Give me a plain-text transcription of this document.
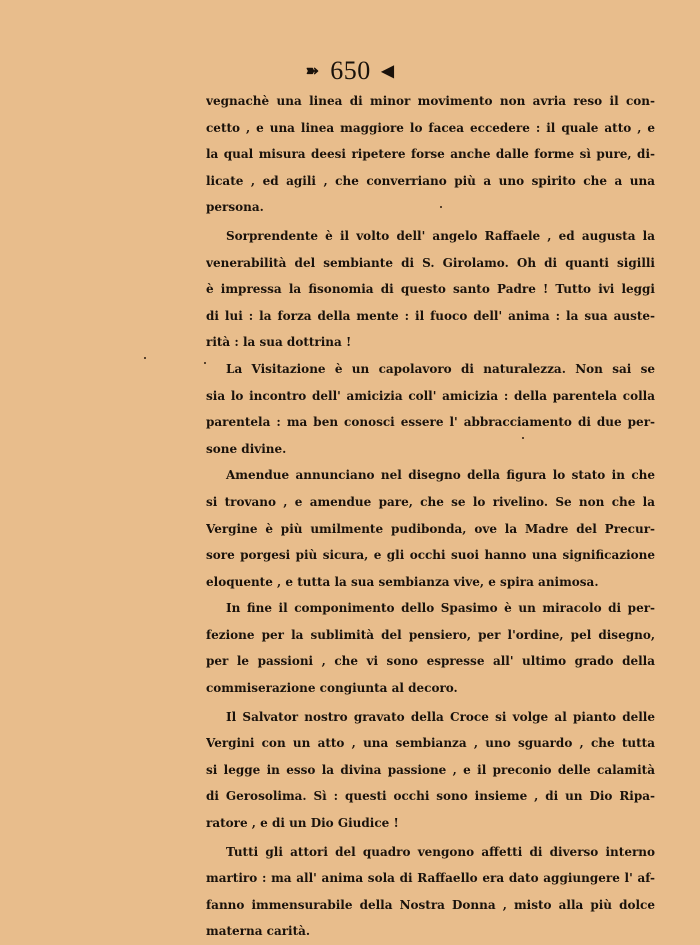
➽ 650 ◀
vegnachè una linea di minor movimento non avria reso il con-
cetto , e una linea maggiore lo facea eccedere : il quale atto , e
la qual misura deesi ripetere forse anche dalle forme sì pure, di-
licate , ed agili , che converriano più a uno spirito che a una
persona.
Sorprendente è il volto dell' angelo Raffaele , ed augusta la
venerabilità del sembiante di S. Girolamo. Oh di quanti sigilli
è impressa la fisonomia di questo santo Padre ! Tutto ivi leggi
di lui : la forza della mente : il fuoco dell' anima : la sua auste-
rità : la sua dottrina !
La Visitazione è un capolavoro di naturalezza. Non sai se
sia lo incontro dell' amicizia coll' amicizia : della parentela colla
parentela : ma ben conosci essere l' abbracciamento di due per-
sone divine.
Amendue annunciano nel disegno della figura lo stato in che
si trovano , e amendue pare, che se lo rivelino. Se non che la
Vergine è più umilmente pudibonda, ove la Madre del Precur-
sore porgesi più sicura, e gli occhi suoi hanno una significazione
eloquente , e tutta la sua sembianza vive, e spira animosa.
In fine il componimento dello Spasimo è un miracolo di per-
fezione per la sublimità del pensiero, per l'ordine, pel disegno,
per le passioni , che vi sono espresse all' ultimo grado della
commiserazione congiunta al decoro.
Il Salvator nostro gravato della Croce si volge al pianto delle
Vergini con un atto , una sembianza , uno sguardo , che tutta
si legge in esso la divina passione , e il preconio delle calamità
di Gerosolima. Sì : questi occhi sono insieme , di un Dio Ripa-
ratore , e di un Dio Giudice !
Tutti gli attori del quadro vengono affetti di diverso interno
martiro : ma all' anima sola di Raffaello era dato aggiungere l' af-
fanno immensurabile della Nostra Donna , misto alla più dolce
materna carità.
